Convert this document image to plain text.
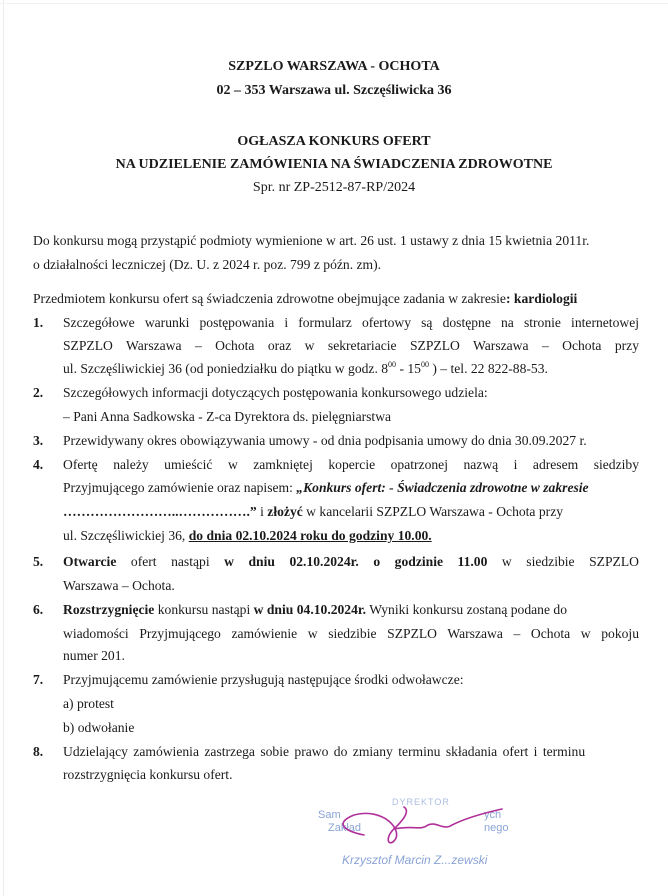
SZPZLO WARSZAWA - OCHOTA
02 – 353 Warszawa ul. Szczęśliwicka 36
OGŁASZA KONKURS OFERT
NA UDZIELENIE ZAMÓWIENIA NA ŚWIADCZENIA ZDROWOTNE
Spr. nr ZP-2512-87-RP/2024
Do konkursu mogą przystąpić podmioty wymienione w art. 26 ust. 1 ustawy z dnia 15 kwietnia 2011r.
o działalności leczniczej (Dz. U. z 2024 r. poz. 799 z późn. zm).
Przedmiotem konkursu ofert są świadczenia zdrowotne obejmujące zadania w zakresie: kardiologii
1. Szczegółowe warunki postępowania i formularz ofertowy są dostępne na stronie internetowej
SZPZLO Warszawa – Ochota oraz w sekretariacie SZPZLO Warszawa – Ochota przy
ul. Szczęśliwickiej 36 (od poniedziałku do piątku w godz. $8^{00} - 15^{00}$ ) – tel. 22 822-88-53.
2. Szczegółowych informacji dotyczących postępowania konkursowego udziela:
– Pani Anna Sadkowska - Z-ca Dyrektora ds. pielęgniarstwa
3. Przewidywany okres obowiązywania umowy - od dnia podpisania umowy do dnia 30.09.2027 r.
4. Ofertę należy umieścić w zamkniętej kopercie opatrzonej nazwą i adresem siedziby
Przyjmującego zamówienie oraz napisem: „Konkurs ofert: - Świadczenia zdrowotne w zakresie
……………………..…………….” i złożyć w kancelarii SZPZLO Warszawa - Ochota przy
ul. Szczęśliwickiej 36, do dnia 02.10.2024 roku do godziny 10.00.
5. Otwarcie ofert nastąpi w dniu 02.10.2024r. o godzinie 11.00 w siedzibie SZPZLO
Warszawa – Ochota.
6. Rozstrzygnięcie konkursu nastąpi w dniu 04.10.2024r. Wyniki konkursu zostaną podane do
wiadomości Przyjmującego zamówienie w siedzibie SZPZLO Warszawa – Ochota w pokoju
numer 201.
7. Przyjmującemu zamówienie przysługują następujące środki odwoławcze:
a) protest
b) odwołanie
8. Udzielający zamówienia zastrzega sobie prawo do zmiany terminu składania ofert i terminu
rozstrzygnięcia konkursu ofert.
DYREKTOR
Sam	ych
Zakład	nego
Krzysztof Marcin Z...zewski
